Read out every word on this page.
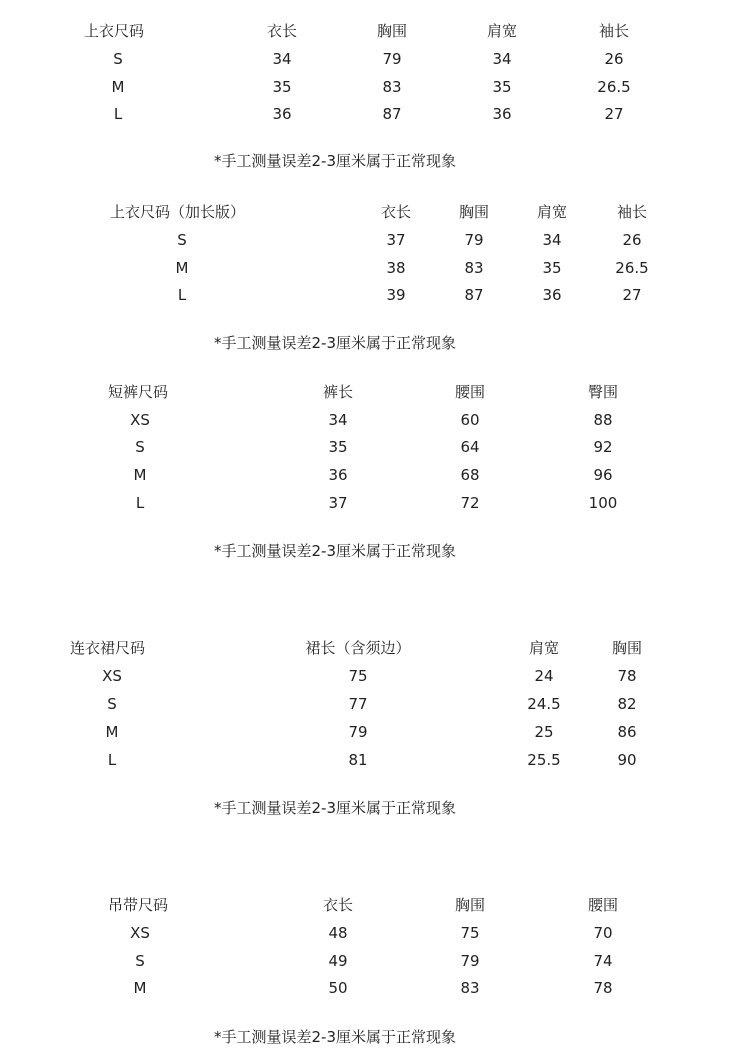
上衣尺码	衣长	胸围	肩宽	袖长
S	34	79	34	26
M	35	83	35	26.5
L	36	87	36	27
*手工测量误差2-3厘米属于正常现象
上衣尺码（加长版）	衣长	胸围	肩宽	袖长
S	37	79	34	26
M	38	83	35	26.5
L	39	87	36	27
*手工测量误差2-3厘米属于正常现象
短裤尺码	裤长	腰围	臀围
XS	34	60	88
S	35	64	92
M	36	68	96
L	37	72	100
*手工测量误差2-3厘米属于正常现象
连衣裙尺码	裙长（含须边）	肩宽	胸围
XS	75	24	78
S	77	24.5	82
M	79	25	86
L	81	25.5	90
*手工测量误差2-3厘米属于正常现象
吊带尺码	衣长	胸围	腰围
XS	48	75	70
S	49	79	74
M	50	83	78
*手工测量误差2-3厘米属于正常现象
